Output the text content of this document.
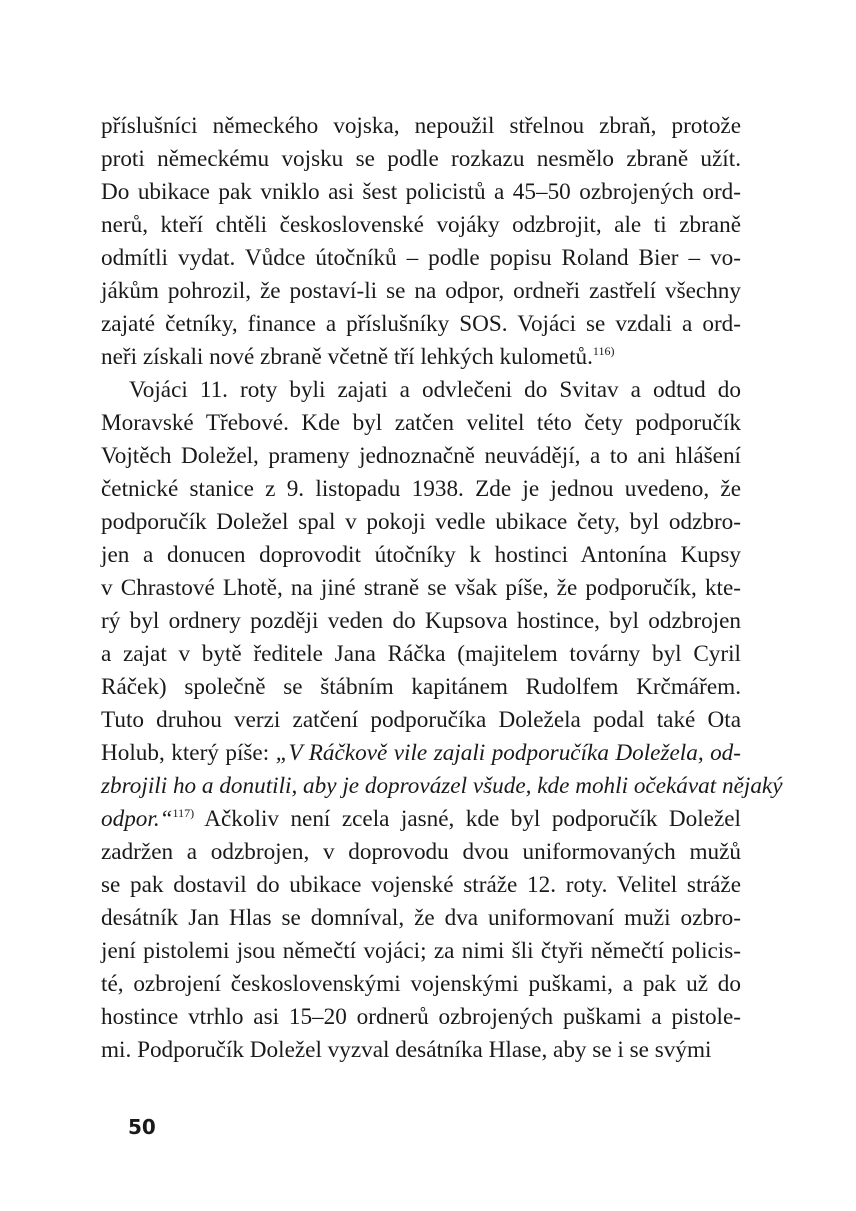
příslušníci německého vojska, nepoužil střelnou zbraň, protože
proti německému vojsku se podle rozkazu nesmělo zbraně užít.
Do ubikace pak vniklo asi šest policistů a 45–50 ozbrojených ord-
nerů, kteří chtěli československé vojáky odzbrojit, ale ti zbraně
odmítli vydat. Vůdce útočníků – podle popisu Roland Bier – vo-
jákům pohrozil, že postaví-li se na odpor, ordneři zastřelí všechny
zajaté četníky, finance a příslušníky SOS. Vojáci se vzdali a ord-
neři získali nové zbraně včetně tří lehkých kulometů.$^{116)}$
Vojáci 11. roty byli zajati a odvlečeni do Svitav a odtud do
Moravské Třebové. Kde byl zatčen velitel této čety podporučík
Vojtěch Doležel, prameny jednoznačně neuvádějí, a to ani hlášení
četnické stanice z 9. listopadu 1938. Zde je jednou uvedeno, že
podporučík Doležel spal v pokoji vedle ubikace čety, byl odzbro-
jen a donucen doprovodit útočníky k hostinci Antonína Kupsy
v Chrastové Lhotě, na jiné straně se však píše, že podporučík, kte-
rý byl ordnery později veden do Kupsova hostince, byl odzbrojen
a zajat v bytě ředitele Jana Ráčka (majitelem továrny byl Cyril
Ráček) společně se štábním kapitánem Rudolfem Krčmářem.
Tuto druhou verzi zatčení podporučíka Doležela podal také Ota
Holub, který píše: „V Ráčkově vile zajali podporučíka Doležela, od-
zbrojili ho a donutili, aby je doprovázel všude, kde mohli očekávat nějaký
odpor.“$^{117)}$ Ačkoliv není zcela jasné, kde byl podporučík Doležel
zadržen a odzbrojen, v doprovodu dvou uniformovaných mužů
se pak dostavil do ubikace vojenské stráže 12. roty. Velitel stráže
desátník Jan Hlas se domníval, že dva uniformovaní muži ozbro-
jení pistolemi jsou němečtí vojáci; za nimi šli čtyři němečtí policis-
té, ozbrojení československými vojenskými puškami, a pak už do
hostince vtrhlo asi 15–20 ordnerů ozbrojených puškami a pistole-
mi. Podporučík Doležel vyzval desátníka Hlase, aby se i se svými
50
